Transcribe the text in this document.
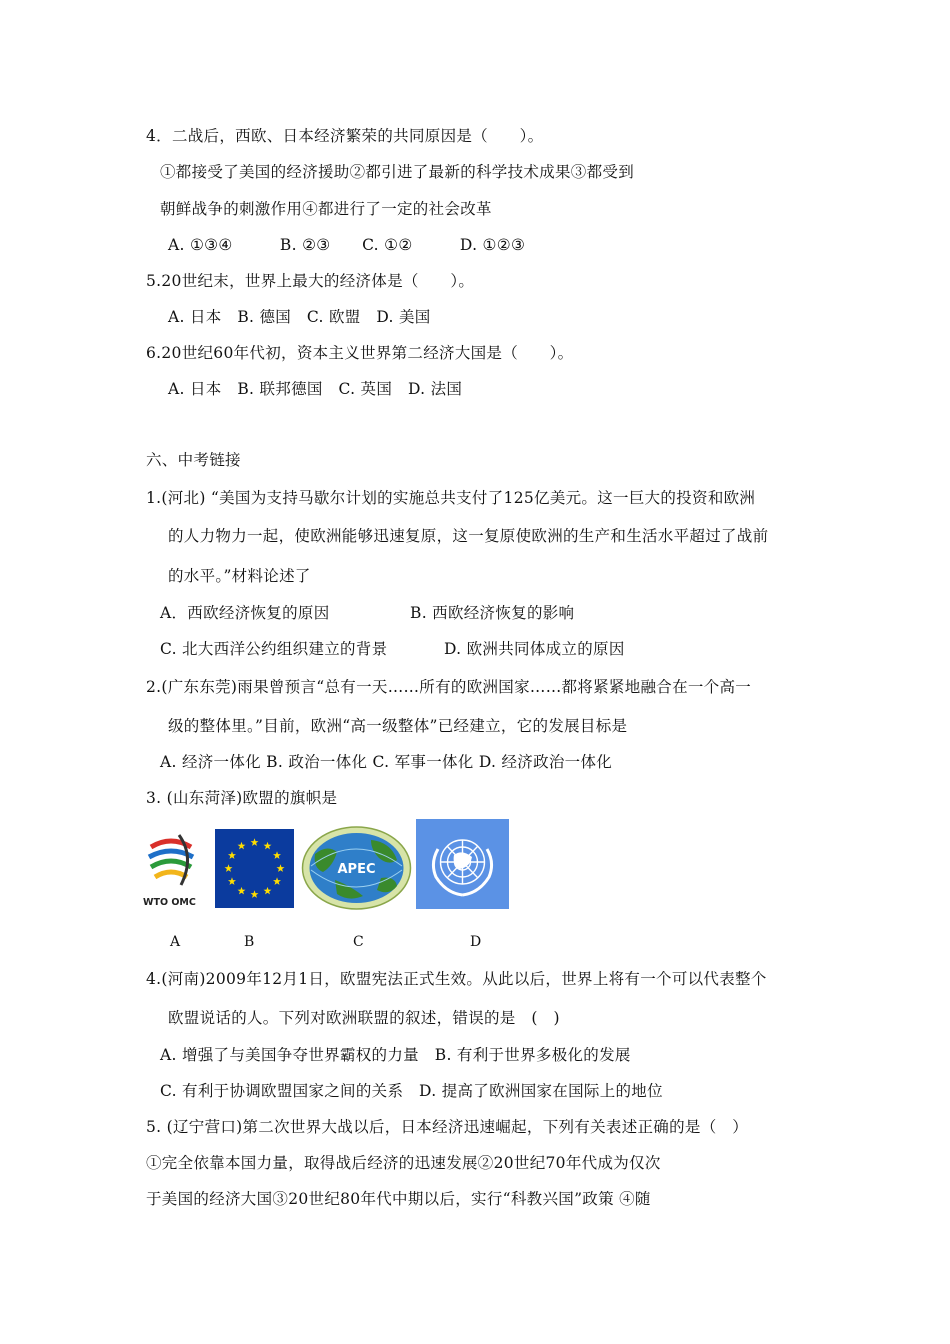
4．二战后，西欧、日本经济繁荣的共同原因是（　　）。
①都接受了美国的经济援助②都引进了最新的科学技术成果③都受到
朝鲜战争的刺激作用④都进行了一定的社会改革
A. ①③④　　　B. ②③　　C. ①②　　　D. ①②③
5.20世纪末，世界上最大的经济体是（　　）。
A. 日本　B. 德国　C. 欧盟　D. 美国
6.20世纪60年代初，资本主义世界第二经济大国是（　　）。
A. 日本　B. 联邦德国　C. 英国　D. 法国
六、中考链接
1.(河北) “美国为支持马歇尔计划的实施总共支付了125亿美元。这一巨大的投资和欧洲
的人力物力一起，使欧洲能够迅速复原，这一复原使欧洲的生产和生活水平超过了战前
的水平。”材料论述了
A．西欧经济恢复的原因	B. 西欧经济恢复的影响
C. 北大西洋公约组织建立的背景	D. 欧洲共同体成立的原因
2.(广东东莞)雨果曾预言“总有一天……所有的欧洲国家……都将紧紧地融合在一个高一
级的整体里。”目前，欧洲“高一级整体”已经建立，它的发展目标是
A. 经济一体化 B. 政治一体化 C. 军事一体化 D. 经济政治一体化
3. (山东菏泽)欧盟的旗帜是
WTO OMC
APEC
A	B	C	D
4.(河南)2009年12月1日，欧盟宪法正式生效。从此以后，世界上将有一个可以代表整个
欧盟说话的人。下列对欧洲联盟的叙述，错误的是　(　)
A. 增强了与美国争夺世界霸权的力量　B. 有利于世界多极化的发展
C. 有利于协调欧盟国家之间的关系　D. 提高了欧洲国家在国际上的地位
5. (辽宁营口)第二次世界大战以后，日本经济迅速崛起，下列有关表述正确的是（　）
①完全依靠本国力量，取得战后经济的迅速发展②20世纪70年代成为仅次
于美国的经济大国③20世纪80年代中期以后，实行“科教兴国”政策 ④随
